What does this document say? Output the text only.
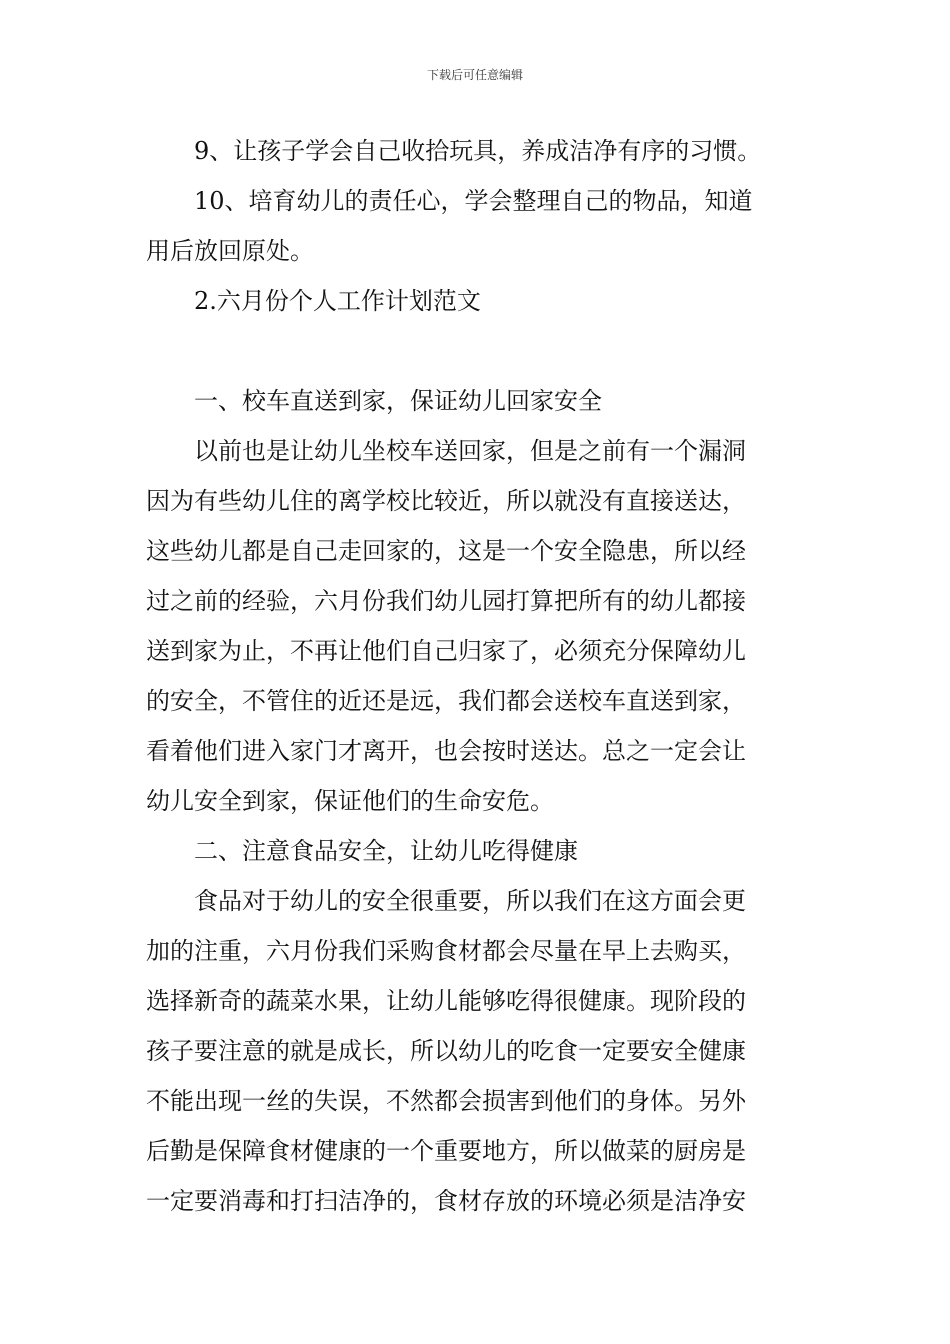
下载后可任意编辑
9、让孩子学会自己收拾玩具，养成洁净有序的习惯。
10、培育幼儿的责任心，学会整理自己的物品，知道
用后放回原处。
2.六月份个人工作计划范文
一、校车直送到家，保证幼儿回家安全
以前也是让幼儿坐校车送回家，但是之前有一个漏洞
因为有些幼儿住的离学校比较近，所以就没有直接送达，
这些幼儿都是自己走回家的，这是一个安全隐患，所以经
过之前的经验，六月份我们幼儿园打算把所有的幼儿都接
送到家为止，不再让他们自己归家了，必须充分保障幼儿
的安全，不管住的近还是远，我们都会送校车直送到家，
看着他们进入家门才离开，也会按时送达。总之一定会让
幼儿安全到家，保证他们的生命安危。
二、注意食品安全，让幼儿吃得健康
食品对于幼儿的安全很重要，所以我们在这方面会更
加的注重，六月份我们采购食材都会尽量在早上去购买，
选择新奇的蔬菜水果，让幼儿能够吃得很健康。现阶段的
孩子要注意的就是成长，所以幼儿的吃食一定要安全健康
不能出现一丝的失误，不然都会损害到他们的身体。另外
后勤是保障食材健康的一个重要地方，所以做菜的厨房是
一定要消毒和打扫洁净的，食材存放的环境必须是洁净安
